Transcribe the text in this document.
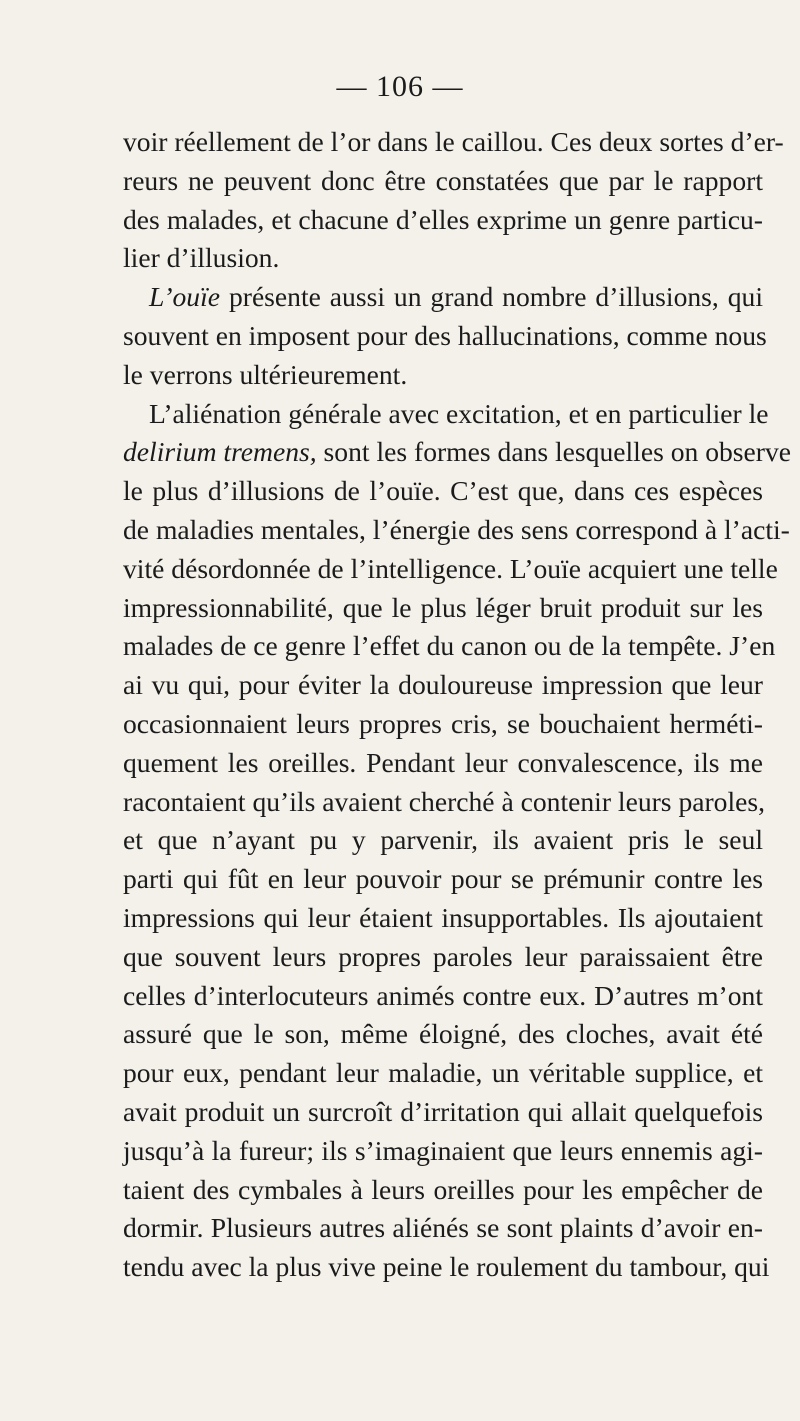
— 106 —
voir réellement de l’or dans le caillou. Ces deux sortes d’er-
reurs ne peuvent donc être constatées que par le rapport
des malades, et chacune d’elles exprime un genre particu-
lier d’illusion.
L’ouïe présente aussi un grand nombre d’illusions, qui
souvent en imposent pour des hallucinations, comme nous
le verrons ultérieurement.
L’aliénation générale avec excitation, et en particulier le
delirium tremens, sont les formes dans lesquelles on observe
le plus d’illusions de l’ouïe. C’est que, dans ces espèces
de maladies mentales, l’énergie des sens correspond à l’acti-
vité désordonnée de l’intelligence. L’ouïe acquiert une telle
impressionnabilité, que le plus léger bruit produit sur les
malades de ce genre l’effet du canon ou de la tempête. J’en
ai vu qui, pour éviter la douloureuse impression que leur
occasionnaient leurs propres cris, se bouchaient herméti-
quement les oreilles. Pendant leur convalescence, ils me
racontaient qu’ils avaient cherché à contenir leurs paroles,
et que n’ayant pu y parvenir, ils avaient pris le seul
parti qui fût en leur pouvoir pour se prémunir contre les
impressions qui leur étaient insupportables. Ils ajoutaient
que souvent leurs propres paroles leur paraissaient être
celles d’interlocuteurs animés contre eux. D’autres m’ont
assuré que le son, même éloigné, des cloches, avait été
pour eux, pendant leur maladie, un véritable supplice, et
avait produit un surcroît d’irritation qui allait quelquefois
jusqu’à la fureur; ils s’imaginaient que leurs ennemis agi-
taient des cymbales à leurs oreilles pour les empêcher de
dormir. Plusieurs autres aliénés se sont plaints d’avoir en-
tendu avec la plus vive peine le roulement du tambour, qui
